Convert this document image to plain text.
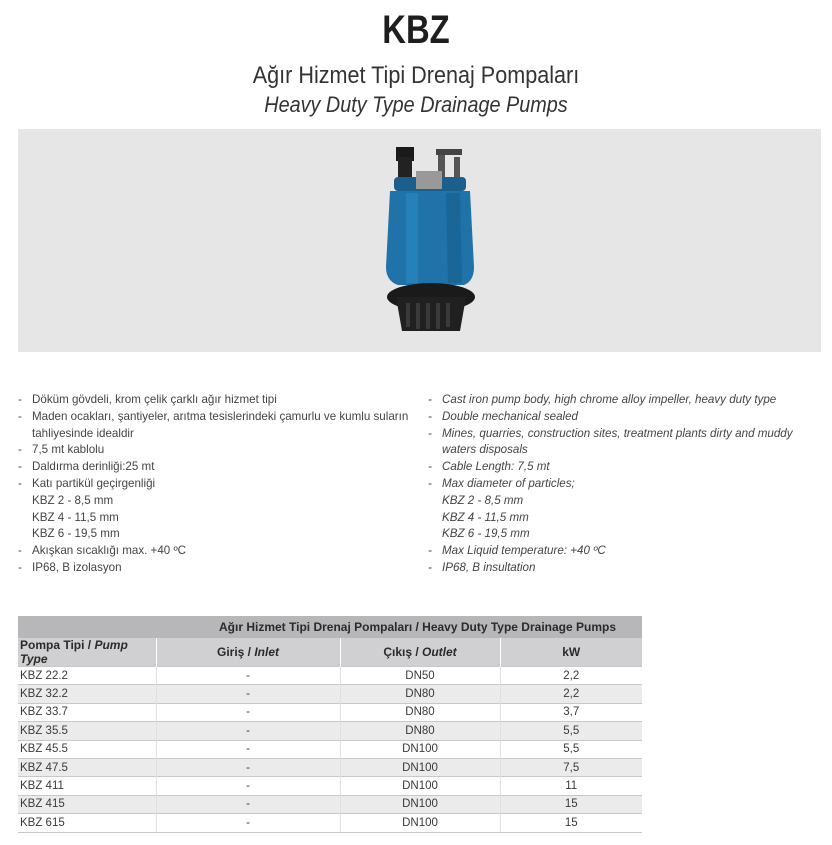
KBZ
Ağır Hizmet Tipi Drenaj Pompaları
Heavy Duty Type Drainage Pumps
- Döküm gövdeli, krom çelik çarklı ağır hizmet tipi
- Maden ocakları, şantiyeler, arıtma tesislerindeki çamurlu ve kumlu suların tahliyesinde idealdir
- 7,5 mt kablolu
- Daldırma derinliği:25 mt
- Katı partikül geçirgenliği
KBZ 2 - 8,5 mm
KBZ 4 - 11,5 mm
KBZ 6 - 19,5 mm
- Akışkan sıcaklığı max. +40 ºC
- IP68, B izolasyon
- Cast iron pump body, high chrome alloy impeller, heavy duty type
- Double mechanical sealed
- Mines, quarries, construction sites, treatment plants dirty and muddy waters disposals
- Cable Length: 7,5 mt
- Max diameter of particles;
KBZ 2 - 8,5 mm
KBZ 4 - 11,5 mm
KBZ 6 - 19,5 mm
- Max Liquid temperature: +40 ºC
- IP68, B insultation
Ağır Hizmet Tipi Drenaj Pompaları / Heavy Duty Type Drainage Pumps			
Pompa Tipi / Pump Type	Giriş / Inlet	Çıkış / Outlet	kW
KBZ 22.2	-	DN50	2,2
KBZ 32.2	-	DN80	2,2
KBZ 33.7	-	DN80	3,7
KBZ 35.5	-	DN80	5,5
KBZ 45.5	-	DN100	5,5
KBZ 47.5	-	DN100	7,5
KBZ 411	-	DN100	11
KBZ 415	-	DN100	15
KBZ 615	-	DN100	15
